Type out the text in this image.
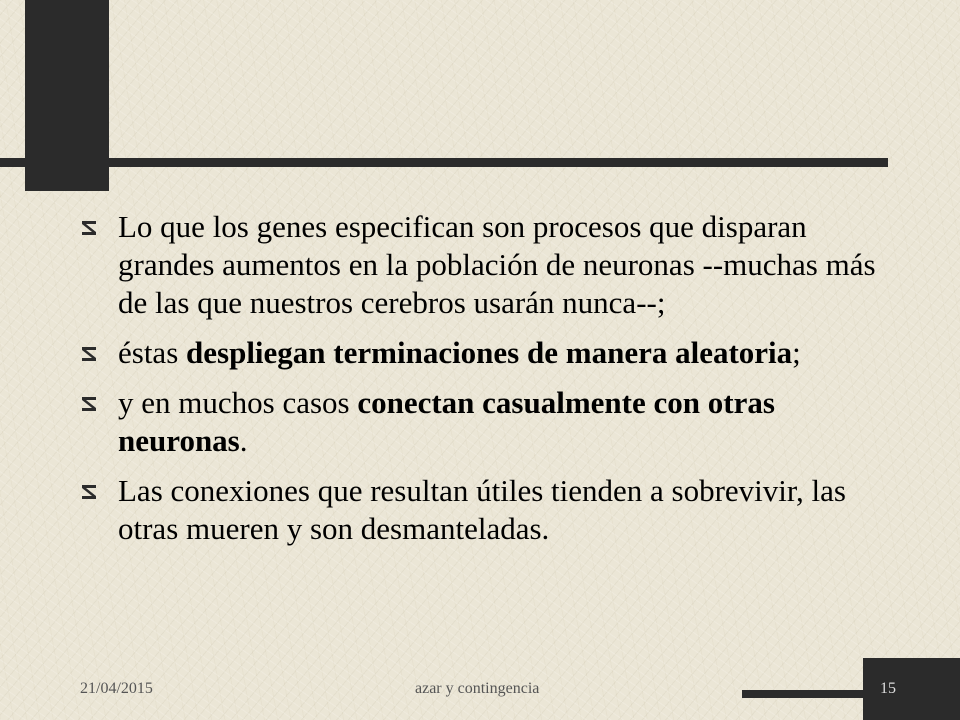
Lo que los genes especifican son procesos que disparan grandes aumentos en la población de neuronas --muchas más de las que nuestros cerebros usarán nunca--;
éstas despliegan terminaciones de manera aleatoria;
y en muchos casos conectan casualmente con otras neuronas.
Las conexiones que resultan útiles tienden a sobrevivir, las otras mueren y son desmanteladas.
21/04/2015	azar y contingencia	15
